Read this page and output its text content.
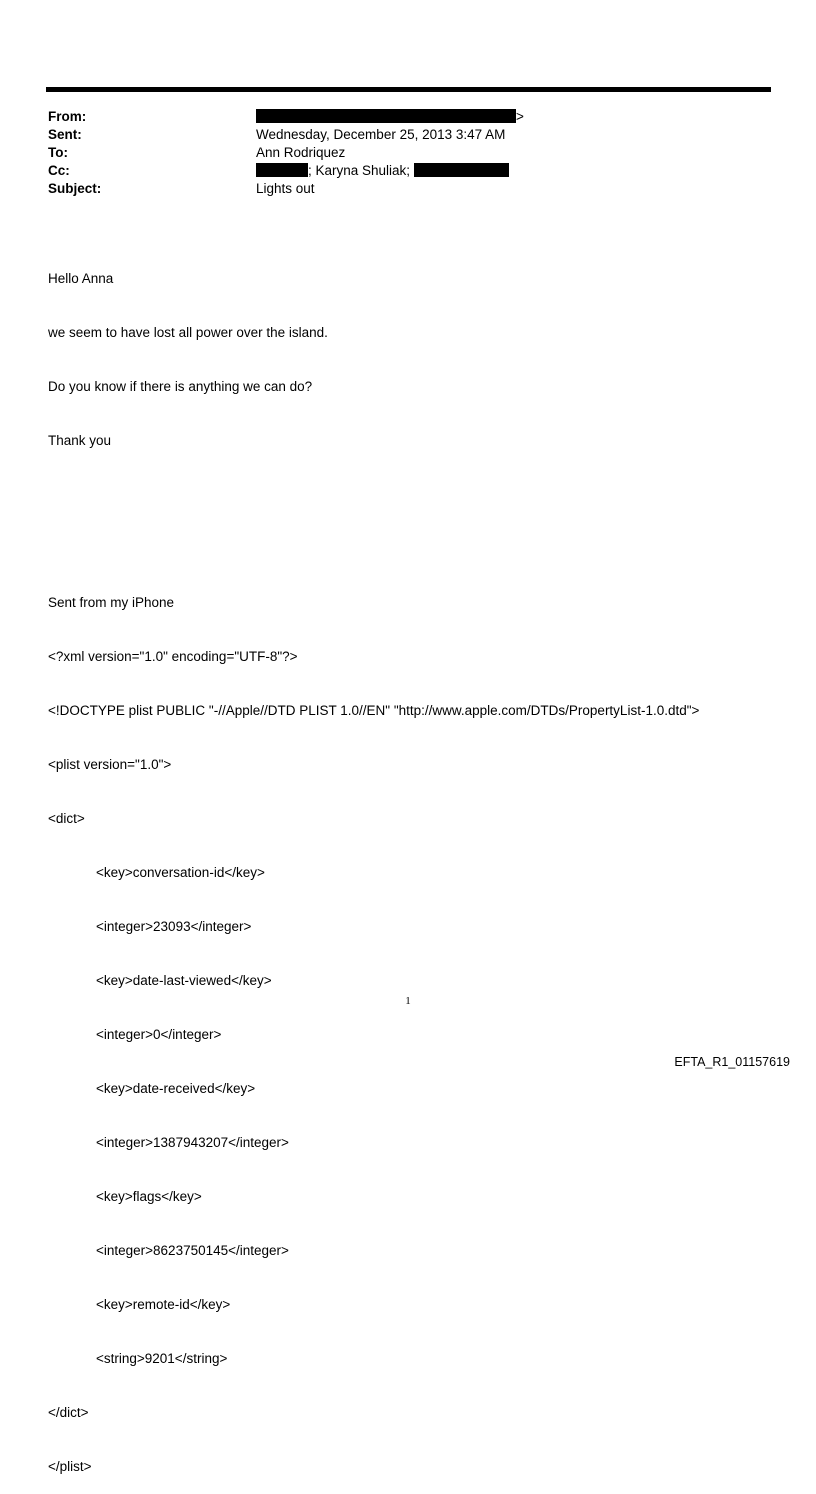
From:	>
Sent:	Wednesday, December 25, 2013 3:47 AM
To:	Ann Rodriquez
Cc:	; Karyna Shuliak;
Subject:	Lights out

Hello Anna

we seem to have lost all power over the island.

Do you know if there is anything we can do?

Thank you

Sent from my iPhone

<?xml version="1.0" encoding="UTF-8"?>

<!DOCTYPE plist PUBLIC "-//Apple//DTD PLIST 1.0//EN" "http://www.apple.com/DTDs/PropertyList-1.0.dtd">

<plist version="1.0">

<dict>

<key>conversation-id</key>

<integer>23093</integer>

<key>date-last-viewed</key>

<integer>0</integer>

<key>date-received</key>

<integer>1387943207</integer>

<key>flags</key>

<integer>8623750145</integer>

<key>remote-id</key>

<string>9201</string>

</dict>

</plist>

1
EFTA_R1_01157619
